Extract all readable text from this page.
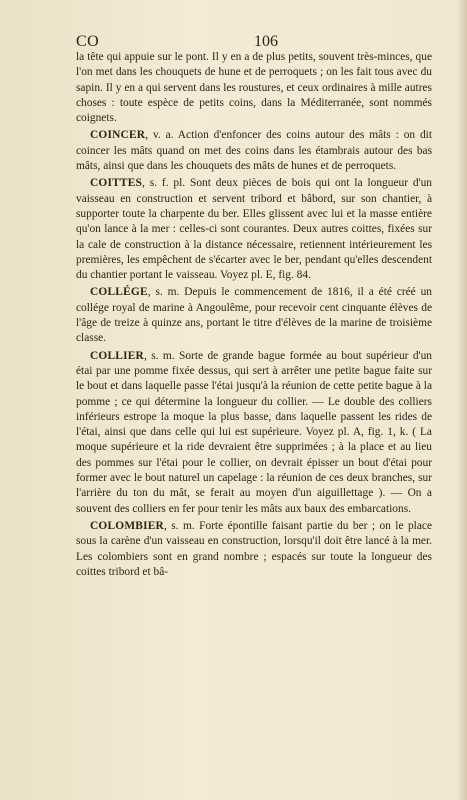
CO	106

la tête qui appuie sur le pont. Il y en a de plus petits, souvent très-minces, que l'on met dans les chouquets de hune et de perroquets ; on les fait tous avec du sapin. Il y en a qui servent dans les roustures, et ceux ordinaires à mille autres choses : toute espèce de petits coins, dans la Méditerranée, sont nommés coignets.

COINCER, v. a. Action d'enfoncer des coins autour des mâts : on dit coincer les mâts quand on met des coins dans les étambrais autour des bas mâts, ainsi que dans les chouquets des mâts de hunes et de perroquets.

COITTES, s. f. pl. Sont deux pièces de bois qui ont la longueur d'un vaisseau en construction et servent tribord et bâbord, sur son chantier, à supporter toute la charpente du ber. Elles glissent avec lui et la masse entière qu'on lance à la mer : celles-ci sont courantes. Deux autres coittes, fixées sur la cale de construction à la distance nécessaire, retiennent intérieurement les premières, les empêchent de s'écarter avec le ber, pendant qu'elles descendent du chantier portant le vaisseau. Voyez pl. E, fig. 84.

COLLÉGE, s. m. Depuis le commencement de 1816, il a été créé un collége royal de marine à Angoulême, pour recevoir cent cinquante élèves de l'âge de treize à quinze ans, portant le titre d'élèves de la marine de troisième classe.

COLLIER, s. m. Sorte de grande bague formée au bout supérieur d'un étai par une pomme fixée dessus, qui sert à arrêter une petite bague faite sur le bout et dans laquelle passe l'étai jusqu'à la réunion de cette petite bague à la pomme ; ce qui détermine la longueur du collier. — Le double des colliers inférieurs estrope la moque la plus basse, dans laquelle passent les rides de l'étai, ainsi que dans celle qui lui est supérieure. Voyez pl. A, fig. 1, k. ( La moque supérieure et la ride devraient être supprimées ; à la place et au lieu des pommes sur l'étai pour le collier, on devrait épisser un bout d'étai pour former avec le bout naturel un capelage : la réunion de ces deux branches, sur l'arrière du ton du mât, se ferait au moyen d'un aiguillettage ). — On a souvent des colliers en fer pour tenir les mâts aux baux des embarcations.

COLOMBIER, s. m. Forte épontille faisant partie du ber ; on le place sous la carène d'un vaisseau en construction, lorsqu'il doit être lancé à la mer. Les colombiers sont en grand nombre ; espacés sur toute la longueur des coittes tribord et bâ-
